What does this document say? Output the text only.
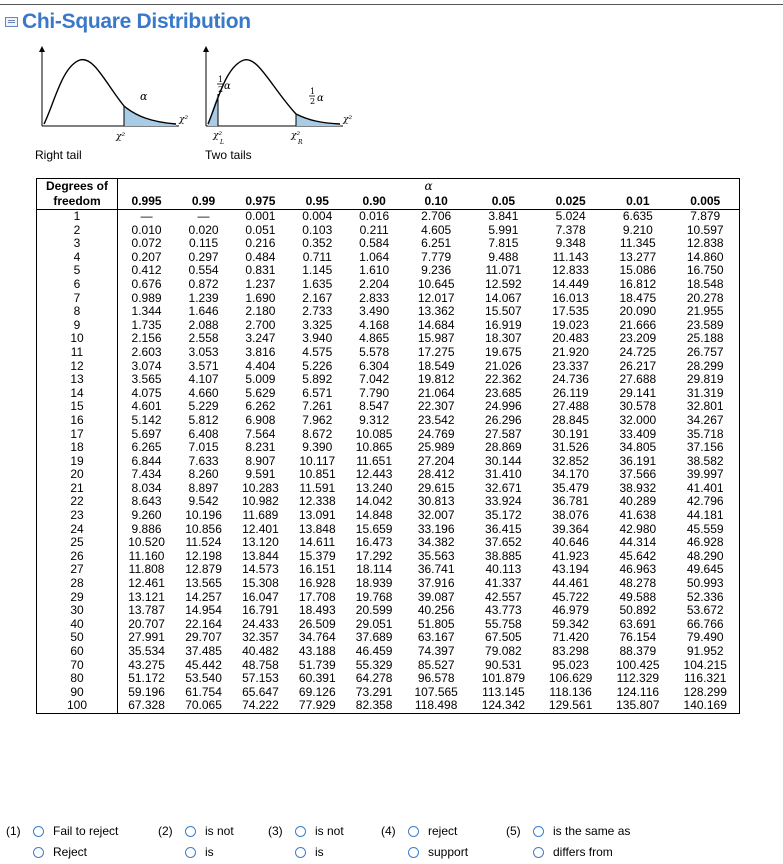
Chi-Square Distribution
α
χ²
χ²
Right tail
1
2 α	1
2 α
χ²
L
χ²
R
χ²
Two tails
Degrees of
freedom	α									
	0.995	0.99	0.975	0.95	0.90	0.10	0.05	0.025	0.01	0.005
1	—	—	0.001	0.004	0.016	2.706	3.841	5.024	6.635	7.879
2	0.010	0.020	0.051	0.103	0.211	4.605	5.991	7.378	9.210	10.597
3	0.072	0.115	0.216	0.352	0.584	6.251	7.815	9.348	11.345	12.838
4	0.207	0.297	0.484	0.711	1.064	7.779	9.488	11.143	13.277	14.860
5	0.412	0.554	0.831	1.145	1.610	9.236	11.071	12.833	15.086	16.750
6	0.676	0.872	1.237	1.635	2.204	10.645	12.592	14.449	16.812	18.548
7	0.989	1.239	1.690	2.167	2.833	12.017	14.067	16.013	18.475	20.278
8	1.344	1.646	2.180	2.733	3.490	13.362	15.507	17.535	20.090	21.955
9	1.735	2.088	2.700	3.325	4.168	14.684	16.919	19.023	21.666	23.589
10	2.156	2.558	3.247	3.940	4.865	15.987	18.307	20.483	23.209	25.188
11	2.603	3.053	3.816	4.575	5.578	17.275	19.675	21.920	24.725	26.757
12	3.074	3.571	4.404	5.226	6.304	18.549	21.026	23.337	26.217	28.299
13	3.565	4.107	5.009	5.892	7.042	19.812	22.362	24.736	27.688	29.819
14	4.075	4.660	5.629	6.571	7.790	21.064	23.685	26.119	29.141	31.319
15	4.601	5.229	6.262	7.261	8.547	22.307	24.996	27.488	30.578	32.801
16	5.142	5.812	6.908	7.962	9.312	23.542	26.296	28.845	32.000	34.267
17	5.697	6.408	7.564	8.672	10.085	24.769	27.587	30.191	33.409	35.718
18	6.265	7.015	8.231	9.390	10.865	25.989	28.869	31.526	34.805	37.156
19	6.844	7.633	8.907	10.117	11.651	27.204	30.144	32.852	36.191	38.582
20	7.434	8.260	9.591	10.851	12.443	28.412	31.410	34.170	37.566	39.997
21	8.034	8.897	10.283	11.591	13.240	29.615	32.671	35.479	38.932	41.401
22	8.643	9.542	10.982	12.338	14.042	30.813	33.924	36.781	40.289	42.796
23	9.260	10.196	11.689	13.091	14.848	32.007	35.172	38.076	41.638	44.181
24	9.886	10.856	12.401	13.848	15.659	33.196	36.415	39.364	42.980	45.559
25	10.520	11.524	13.120	14.611	16.473	34.382	37.652	40.646	44.314	46.928
26	11.160	12.198	13.844	15.379	17.292	35.563	38.885	41.923	45.642	48.290
27	11.808	12.879	14.573	16.151	18.114	36.741	40.113	43.194	46.963	49.645
28	12.461	13.565	15.308	16.928	18.939	37.916	41.337	44.461	48.278	50.993
29	13.121	14.257	16.047	17.708	19.768	39.087	42.557	45.722	49.588	52.336
30	13.787	14.954	16.791	18.493	20.599	40.256	43.773	46.979	50.892	53.672
40	20.707	22.164	24.433	26.509	29.051	51.805	55.758	59.342	63.691	66.766
50	27.991	29.707	32.357	34.764	37.689	63.167	67.505	71.420	76.154	79.490
60	35.534	37.485	40.482	43.188	46.459	74.397	79.082	83.298	88.379	91.952
70	43.275	45.442	48.758	51.739	55.329	85.527	90.531	95.023	100.425	104.215
80	51.172	53.540	57.153	60.391	64.278	96.578	101.879	106.629	112.329	116.321
90	59.196	61.754	65.647	69.126	73.291	107.565	113.145	118.136	124.116	128.299
100	67.328	70.065	74.222	77.929	82.358	118.498	124.342	129.561	135.807	140.169
(1)	Fail to reject
Reject
(2)	is not
is
(3)	is not
is
(4)	reject
support
(5)	is the same as
differs from
